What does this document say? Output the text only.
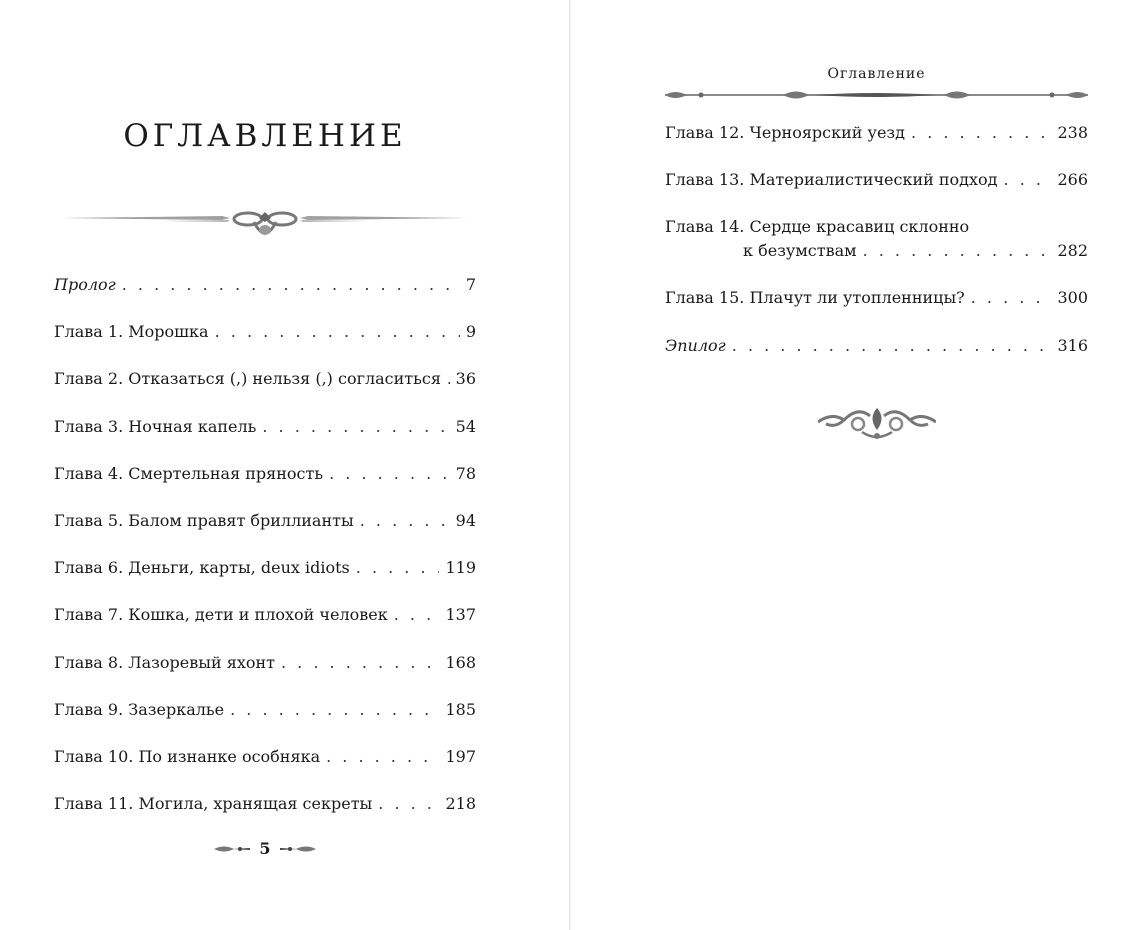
ОГЛАВЛЕНИЕ
Пролог . . .	7
Глава 1. Морошка . . .	9
Глава 2. Отказаться (,) нельзя (,) согласиться . . . 36
Глава 3. Ночная капель . . .	54
Глава 4. Смертельная пряность . . .	78
Глава 5. Балом правят бриллианты . . .	94
Глава 6. Деньги, карты, deux idiots . . .	119
Глава 7. Кошка, дети и плохой человек . . .	137
Глава 8. Лазоревый яхонт . . .	168
Глава 9. Зазеркалье . . .	185
Глава 10. По изнанке особняка . . .	197
Глава 11. Могила, хранящая секреты . . .	218
5
Оглавление
Глава 12. Черноярский уезд . . .	238
Глава 13. Материалистический подход . . .	266
Глава 14. Сердце красавиц склонно
к безумствам . . .	282
Глава 15. Плачут ли утопленницы? . . .	300
Эпилог . . .	316
